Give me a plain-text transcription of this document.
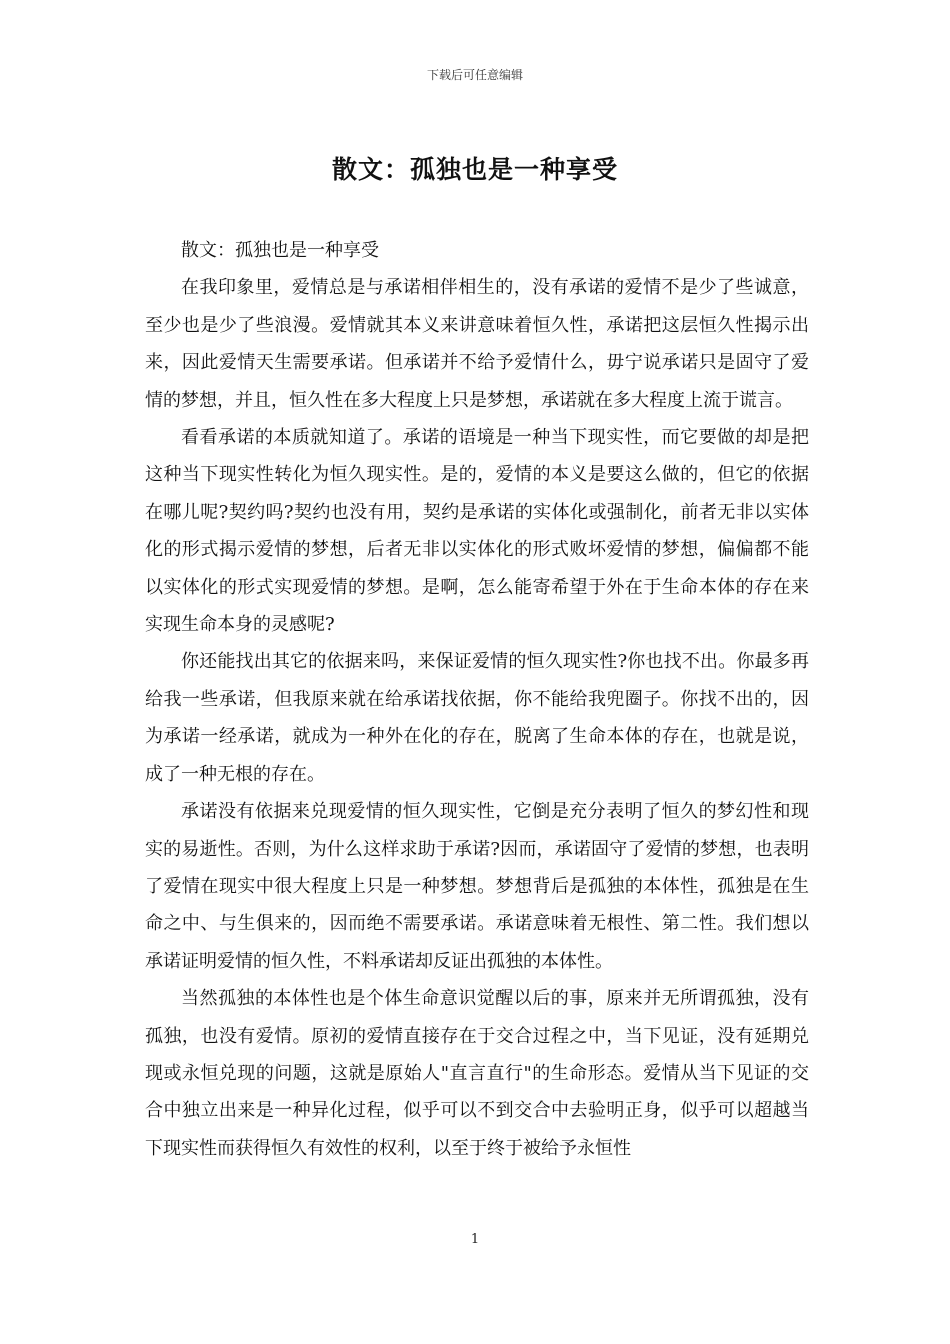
下载后可任意编辑
散文：孤独也是一种享受

散文：孤独也是一种享受

在我印象里，爱情总是与承诺相伴相生的，没有承诺的爱情不是少了些诚意，至少也是少了些浪漫。爱情就其本义来讲意味着恒久性，承诺把这层恒久性揭示出来，因此爱情天生需要承诺。但承诺并不给予爱情什么，毋宁说承诺只是固守了爱情的梦想，并且，恒久性在多大程度上只是梦想，承诺就在多大程度上流于谎言。

看看承诺的本质就知道了。承诺的语境是一种当下现实性，而它要做的却是把这种当下现实性转化为恒久现实性。是的，爱情的本义是要这么做的，但它的依据在哪儿呢?契约吗?契约也没有用，契约是承诺的实体化或强制化，前者无非以实体化的形式揭示爱情的梦想，后者无非以实体化的形式败坏爱情的梦想，偏偏都不能以实体化的形式实现爱情的梦想。是啊，怎么能寄希望于外在于生命本体的存在来实现生命本身的灵感呢?

你还能找出其它的依据来吗，来保证爱情的恒久现实性?你也找不出。你最多再给我一些承诺，但我原来就在给承诺找依据，你不能给我兜圈子。你找不出的，因为承诺一经承诺，就成为一种外在化的存在，脱离了生命本体的存在，也就是说，成了一种无根的存在。

承诺没有依据来兑现爱情的恒久现实性，它倒是充分表明了恒久的梦幻性和现实的易逝性。否则，为什么这样求助于承诺?因而，承诺固守了爱情的梦想，也表明了爱情在现实中很大程度上只是一种梦想。梦想背后是孤独的本体性，孤独是在生命之中、与生俱来的，因而绝不需要承诺。承诺意味着无根性、第二性。我们想以承诺证明爱情的恒久性，不料承诺却反证出孤独的本体性。

当然孤独的本体性也是个体生命意识觉醒以后的事，原来并无所谓孤独，没有孤独，也没有爱情。原初的爱情直接存在于交合过程之中，当下见证，没有延期兑现或永恒兑现的问题，这就是原始人"直言直行"的生命形态。爱情从当下见证的交合中独立出来是一种异化过程，似乎可以不到交合中去验明正身，似乎可以超越当下现实性而获得恒久有效性的权利，以至于终于被给予永恒性

1
